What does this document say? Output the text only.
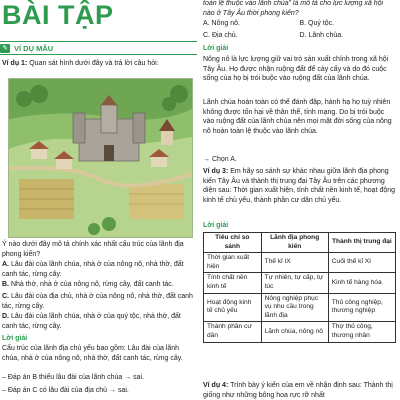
BÀI TẬP
✎ VÍ DỤ MẪU

Ví dụ 1: Quan sát hình dưới đây và trả lời câu hỏi:

Ý nào dưới đây mô tả chính xác nhất cấu trúc của lãnh địa phong kiến?

A. Lâu đài của lãnh chúa, nhà ở của nông nô, nhà thờ, đất canh tác, rừng cây.

B. Nhà thờ, nhà ở của nông nô, rừng cây, đất canh tác.

C. Lâu đài của địa chủ, nhà ở của nông nô, nhà thờ, đất canh tác, rừng cây.

D. Lâu đài của lãnh chúa, nhà ở của quý tộc, nhà thờ, đất canh tác, rừng cây.

Lời giải

Cấu trúc của lãnh địa chủ yếu bao gồm: Lâu đài của lãnh chúa, nhà ở của nông nô, nhà thờ, đất canh tác, rừng cây.

– Đáp án B thiếu lâu đài của lãnh chúa → sai.

– Đáp án C có lâu đài của địa chủ → sai.

toàn lệ thuộc vào lãnh chúa” là mô tả cho lực lượng xã hội nào ở Tây Âu thời phong kiến?

A. Nông nô.	B. Quý tộc.
C. Địa chủ.	D. Lãnh chúa.

Lời giải

Nông nô là lực lượng giữ vai trò sản xuất chính trong xã hội Tây Âu. Họ được nhận ruộng đất để cày cấy và do đó cuộc sống của họ bị trói buộc vào ruộng đất của lãnh chúa.

Lãnh chúa hoàn toàn có thể đánh đập, hành hạ họ tuỳ nhiên không được tốn hại về thân thể, tính mạng. Do bị trói buộc vào ruộng đất của lãnh chúa nên mọi mặt đời sống của nông nô hoàn toàn lệ thuộc vào lãnh chúa.

→ Chọn A.

Ví dụ 3: Em hãy so sánh sự khác nhau giữa lãnh địa phong kiến Tây Âu và thành thị trung đại Tây Âu trên các phương diện sau: Thời gian xuất hiện, tính chất nền kinh tế, hoạt động kinh tế chủ yếu, thành phần cư dân chủ yếu.

Lời giải

Tiêu chí so sánh	Lãnh địa phong kiến	Thành thị trung đại
Thời gian xuất hiện	Thế kỉ IX	Cuối thế kỉ XI
Tính chất nền kinh tế	Tự nhiên, tự cấp, tự túc	Kinh tế hàng hóa
Hoạt động kinh tế chủ yếu	Nông nghiệp phục vụ nhu cầu trong lãnh địa	Thủ công nghiệp, thương nghiệp
Thành phần cư dân	Lãnh chúa, nông nô	Thợ thủ công, thương nhân

Ví dụ 4: Trình bày ý kiến của em về nhận định sau: Thành thị giống như những bông hoa rực rỡ nhất
